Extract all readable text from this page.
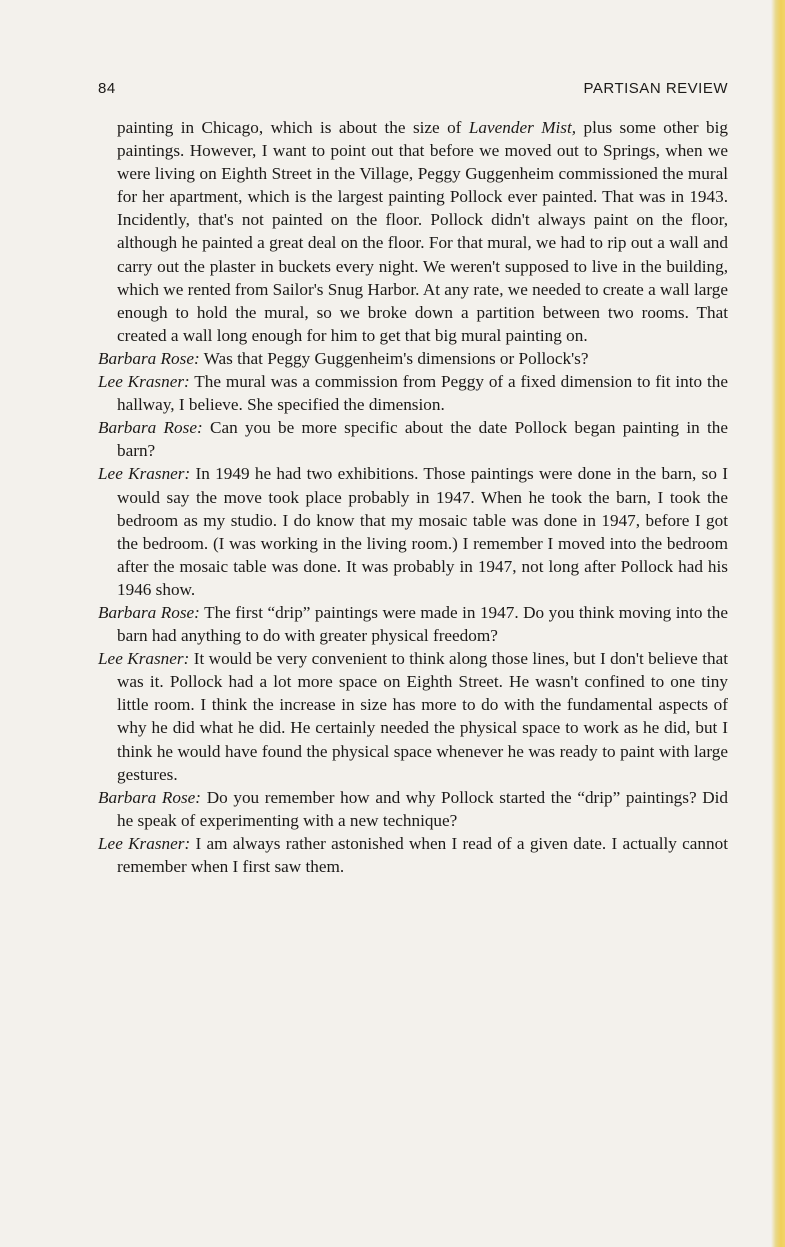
84	PARTISAN REVIEW

painting in Chicago, which is about the size of Lavender Mist, plus some other big paintings. However, I want to point out that before we moved out to Springs, when we were living on Eighth Street in the Village, Peggy Guggenheim commissioned the mural for her apartment, which is the largest painting Pollock ever painted. That was in 1943. Incidently, that's not painted on the floor. Pollock didn't always paint on the floor, although he painted a great deal on the floor. For that mural, we had to rip out a wall and carry out the plaster in buckets every night. We weren't supposed to live in the building, which we rented from Sailor's Snug Harbor. At any rate, we needed to create a wall large enough to hold the mural, so we broke down a partition between two rooms. That created a wall long enough for him to get that big mural painting on.

Barbara Rose: Was that Peggy Guggenheim's dimensions or Pollock's?

Lee Krasner: The mural was a commission from Peggy of a fixed dimension to fit into the hallway, I believe. She specified the dimension.

Barbara Rose: Can you be more specific about the date Pollock began painting in the barn?

Lee Krasner: In 1949 he had two exhibitions. Those paintings were done in the barn, so I would say the move took place probably in 1947. When he took the barn, I took the bedroom as my studio. I do know that my mosaic table was done in 1947, before I got the bedroom. (I was working in the living room.) I remember I moved into the bedroom after the mosaic table was done. It was probably in 1947, not long after Pollock had his 1946 show.

Barbara Rose: The first “drip” paintings were made in 1947. Do you think moving into the barn had anything to do with greater physical freedom?

Lee Krasner: It would be very convenient to think along those lines, but I don't believe that was it. Pollock had a lot more space on Eighth Street. He wasn't confined to one tiny little room. I think the increase in size has more to do with the fundamental aspects of why he did what he did. He certainly needed the physical space to work as he did, but I think he would have found the physical space whenever he was ready to paint with large gestures.

Barbara Rose: Do you remember how and why Pollock started the “drip” paintings? Did he speak of experimenting with a new technique?

Lee Krasner: I am always rather astonished when I read of a given date. I actually cannot remember when I first saw them.
